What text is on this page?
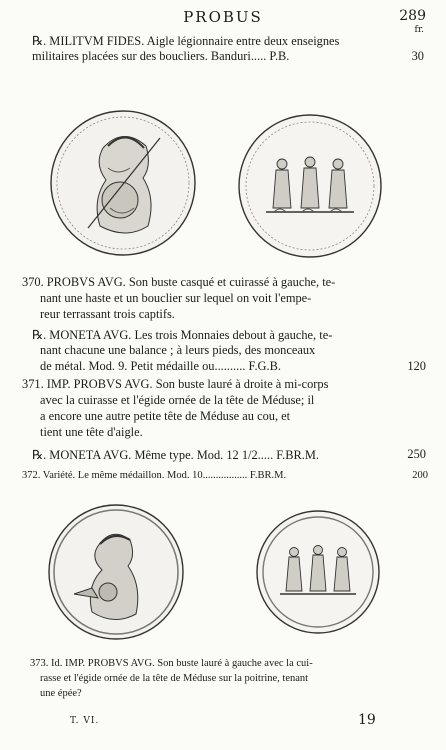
PROBUS	289
fr.
℞. MILITVM FIDES. Aigle légionnaire entre deux enseignes
militaires placées sur des boucliers. Banduri..... P.B.	30
370. PROBVS AVG. Son buste casqué et cuirassé à gauche, te-
nant une haste et un bouclier sur lequel on voit l'empe-
reur terrassant trois captifs.
℞. MONETA AVG. Les trois Monnaies debout à gauche, te-
nant chacune une balance ; à leurs pieds, des monceaux
de métal. Mod. 9. Petit médaille ou.......... F.G.B.	120
371. IMP. PROBVS AVG. Son buste lauré à droite à mi-corps
avec la cuirasse et l'égide ornée de la tête de Méduse; il
a encore une autre petite tête de Méduse au cou, et
tient une tête d'aigle.
℞. MONETA AVG. Même type. Mod. 12 1/2..... F.BR.M.	250
372. Variété. Le même médaillon. Mod. 10................. F.BR.M.	200
373. Id. IMP. PROBVS AVG. Son buste lauré à gauche avec la cui-
rasse et l'égide ornée de la tête de Méduse sur la poitrine, tenant
une épée?
T. VI.	19
